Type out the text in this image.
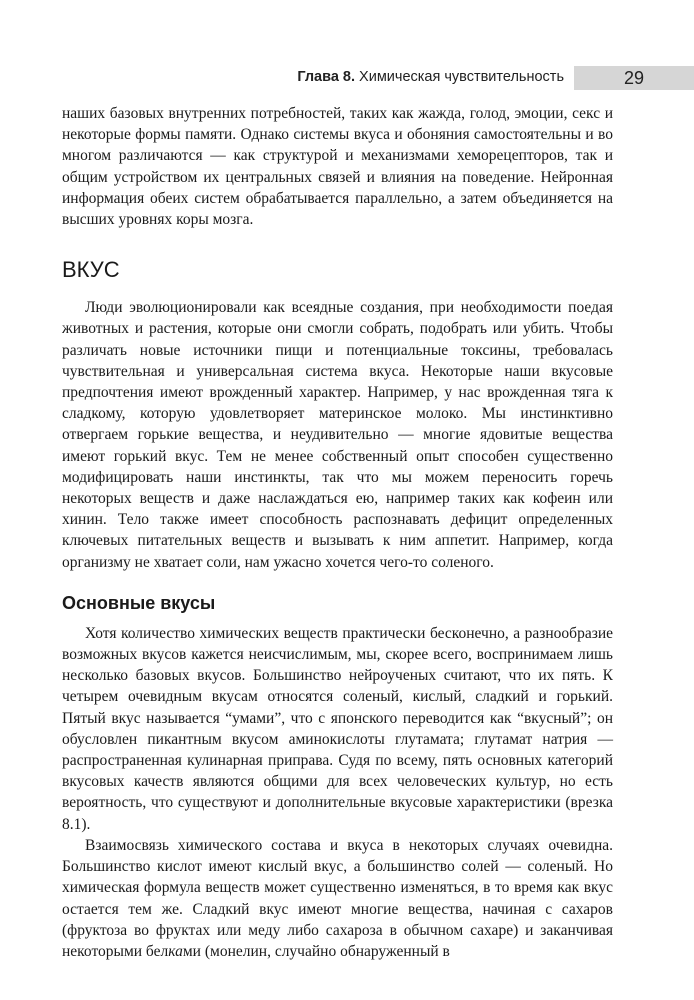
Глава 8. Химическая чувствительность	29

наших базовых внутренних потребностей, таких как жажда, голод, эмоции, секс и некоторые формы памяти. Однако системы вкуса и обоняния самостоятельны и во многом различаются — как структурой и механизмами хеморецепторов, так и общим устройством их центральных связей и влияния на поведение. Нейронная информация обеих систем обрабатывается параллельно, а затем объединяется на высших уровнях коры мозга.

ВКУС

Люди эволюционировали как всеядные создания, при необходимости поедая животных и растения, которые они смогли собрать, подобрать или убить. Чтобы различать новые источники пищи и потенциальные токсины, требовалась чувствительная и универсальная система вкуса. Некоторые наши вкусовые предпочтения имеют врожденный характер. Например, у нас врожденная тяга к сладкому, которую удовлетворяет материнское молоко. Мы инстинктивно отвергаем горькие вещества, и неудивительно — многие ядовитые вещества имеют горький вкус. Тем не менее собственный опыт способен существенно модифицировать наши инстинкты, так что мы можем переносить горечь некоторых веществ и даже наслаждаться ею, например таких как кофеин или хинин. Тело также имеет способность распознавать дефицит определенных ключевых питательных веществ и вызывать к ним аппетит. Например, когда организму не хватает соли, нам ужасно хочется чего-то соленого.

Основные вкусы

Хотя количество химических веществ практически бесконечно, а разнообразие возможных вкусов кажется неисчислимым, мы, скорее всего, воспринимаем лишь несколько базовых вкусов. Большинство нейроученых считают, что их пять. К четырем очевидным вкусам относятся соленый, кислый, сладкий и горький. Пятый вкус называется “умами”, что с японского переводится как “вкусный”; он обусловлен пикантным вкусом аминокислоты глутамата; глутамат натрия — распространенная кулинарная приправа. Судя по всему, пять основных категорий вкусовых качеств являются общими для всех человеческих культур, но есть вероятность, что существуют и дополнительные вкусовые характеристики (врезка 8.1).

Взаимосвязь химического состава и вкуса в некоторых случаях очевидна. Большинство кислот имеют кислый вкус, а большинство солей — соленый. Но химическая формула веществ может существенно изменяться, в то время как вкус остается тем же. Сладкий вкус имеют многие вещества, начиная с сахаров (фруктоза во фруктах или меду либо сахароза в обычном сахаре) и заканчивая некоторыми белками (монелин, случайно обнаруженный в
